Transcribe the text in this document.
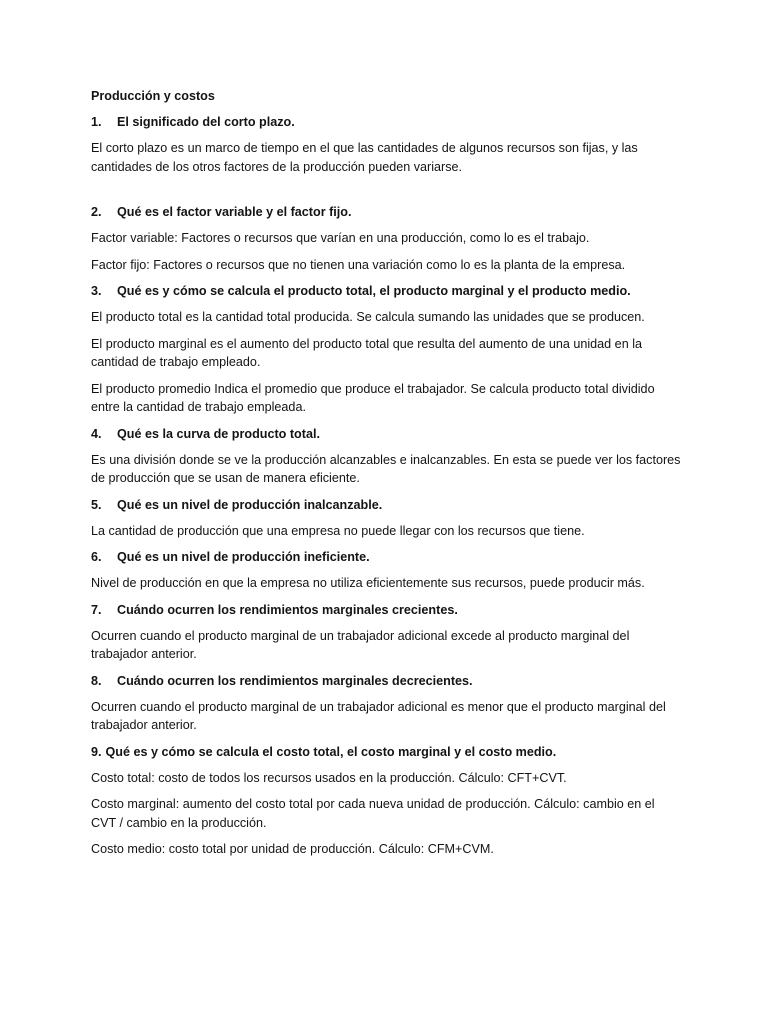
Producción y costos
1.	El significado del corto plazo.
El corto plazo es un marco de tiempo en el que las cantidades de algunos recursos son fijas, y las cantidades de los otros factores de la producción pueden variarse.
2.	Qué es el factor variable y el factor fijo.
Factor variable: Factores o recursos que varían en una producción, como lo es el trabajo.
Factor fijo: Factores o recursos que no tienen una variación como lo es la planta de la empresa.
3.	Qué es y cómo se calcula el producto total, el producto marginal y el producto medio.
El producto total es la cantidad total producida. Se calcula sumando las unidades que se producen.
El producto marginal es el aumento del producto total que resulta del aumento de una unidad en la cantidad de trabajo empleado.
El producto promedio Indica el promedio que produce el trabajador. Se calcula producto total dividido entre la cantidad de trabajo empleada.
4.	Qué es la curva de producto total.
Es una división donde se ve la producción alcanzables e inalcanzables. En esta se puede ver los factores de producción que se usan de manera eficiente.
5.	Qué es un nivel de producción inalcanzable.
La cantidad de producción que una empresa no puede llegar con los recursos que tiene.
6.	Qué es un nivel de producción ineficiente.
Nivel de producción en que la empresa no utiliza eficientemente sus recursos, puede producir más.
7.	Cuándo ocurren los rendimientos marginales crecientes.
Ocurren cuando el producto marginal de un trabajador adicional excede al producto marginal del trabajador anterior.
8.	Cuándo ocurren los rendimientos marginales decrecientes.
Ocurren cuando el producto marginal de un trabajador adicional es menor que el producto marginal del trabajador anterior.
9. Qué es y cómo se calcula el costo total, el costo marginal y el costo medio.
Costo total: costo de todos los recursos usados en la producción. Cálculo: CFT+CVT.
Costo marginal: aumento del costo total por cada nueva unidad de producción. Cálculo: cambio en el CVT / cambio en la producción.
Costo medio: costo total por unidad de producción. Cálculo: CFM+CVM.
